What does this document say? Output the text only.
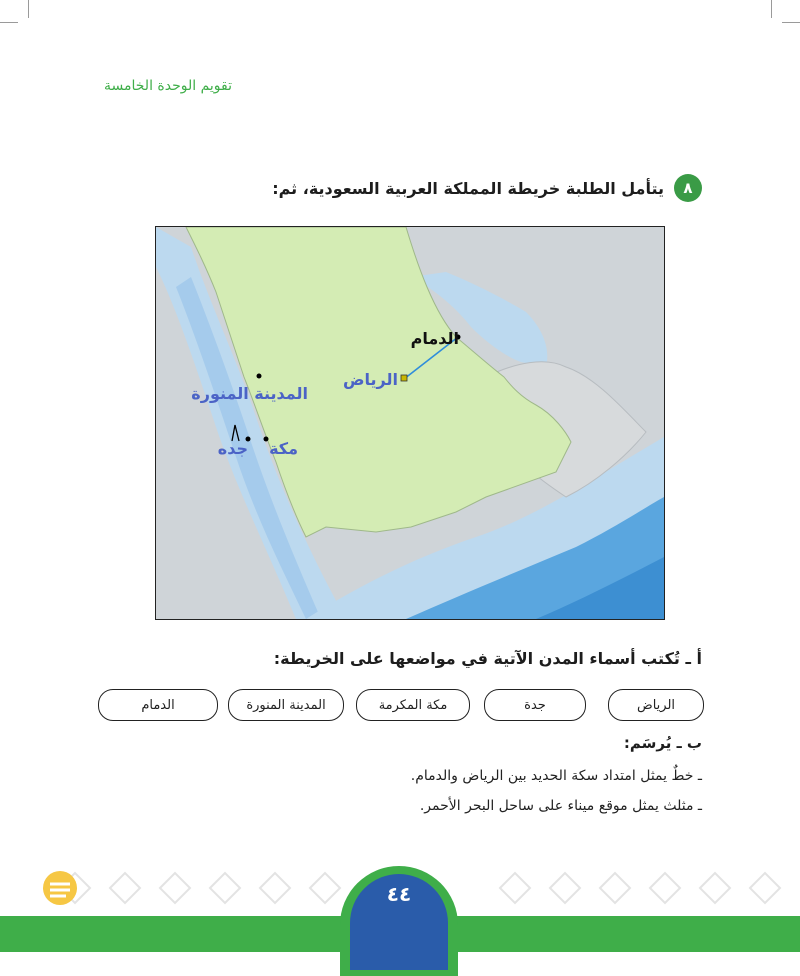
تقويم الوحدة الخامسة
٨
يتأمل الطلبة خريطة المملكة العربية السعودية، ثم:
الدمام
الرياض
المدينة المنورة
مكة
جده
أ ـ تُكتب أسماء المدن الآتية في مواضعها على الخريطة:
الرياض
جدة
مكة المكرمة
المدينة المنورة
الدمام
ب ـ يُرسَم:
ـ خطٌ يمثل امتداد سكة الحديد بين الرياض والدمام.
ـ مثلث يمثل موقع ميناء على ساحل البحر الأحمر.
٤٤
